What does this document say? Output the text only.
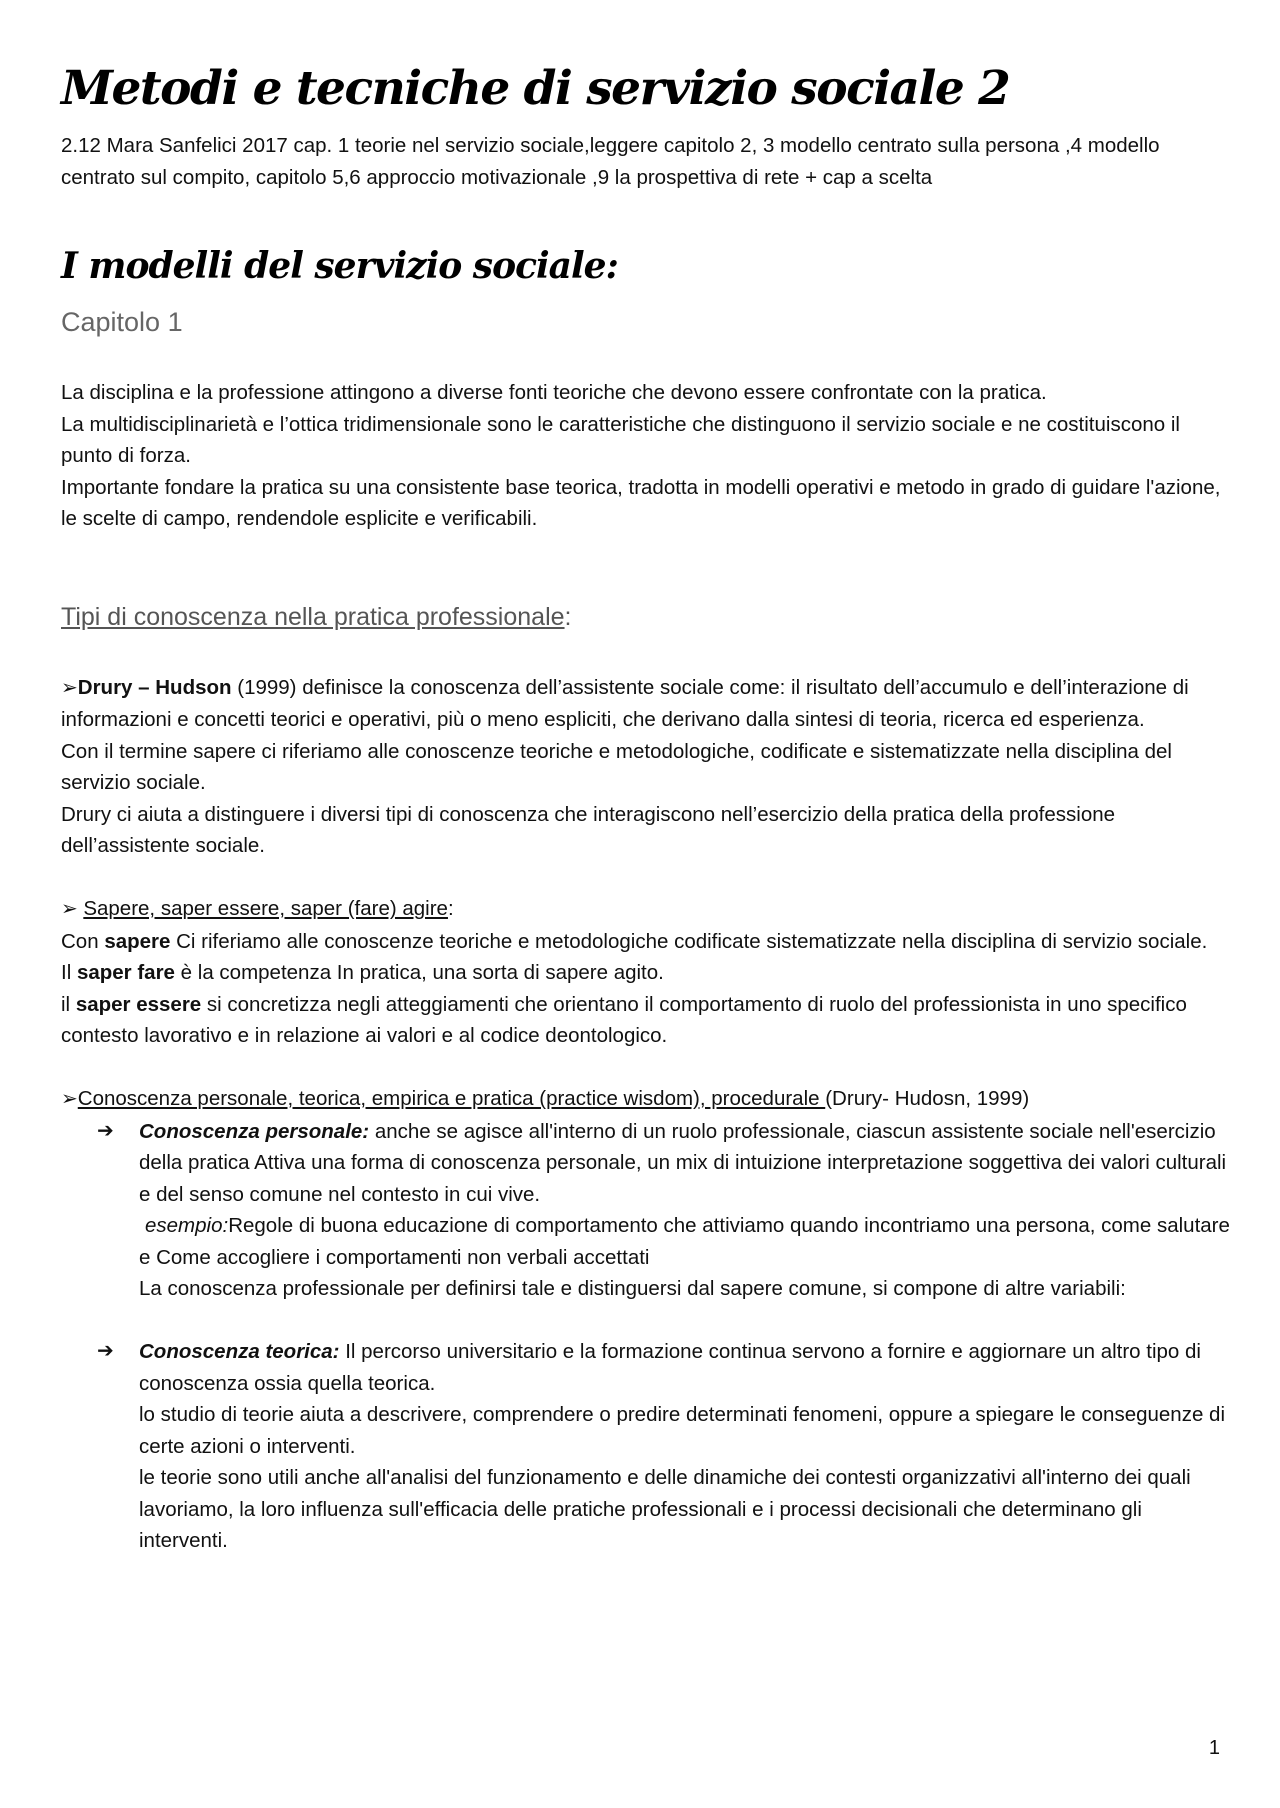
Metodi e tecniche di servizio sociale 2

2.12 Mara Sanfelici 2017 cap. 1 teorie nel servizio sociale,leggere capitolo 2, 3 modello centrato sulla persona ,4 modello centrato sul compito, capitolo 5,6 approccio motivazionale ,9 la prospettiva di rete + cap a scelta

I modelli del servizio sociale:
Capitolo 1

La disciplina e la professione attingono a diverse fonti teoriche che devono essere confrontate con la pratica.

La multidisciplinarietà e l’ottica tridimensionale sono le caratteristiche che distinguono il servizio sociale e ne costituiscono il punto di forza.

Importante fondare la pratica su una consistente base teorica, tradotta in modelli operativi e metodo in grado di guidare l'azione, le scelte di campo, rendendole esplicite e verificabili.

Tipi di conoscenza nella pratica professionale:

➢Drury – Hudson (1999) definisce la conoscenza dell’assistente sociale come: il risultato dell’accumulo e dell’interazione di informazioni e concetti teorici e operativi, più o meno espliciti, che derivano dalla sintesi di teoria, ricerca ed esperienza.

Con il termine sapere ci riferiamo alle conoscenze teoriche e metodologiche, codificate e sistematizzate nella disciplina del servizio sociale.

Drury ci aiuta a distinguere i diversi tipi di conoscenza che interagiscono nell’esercizio della pratica della professione dell’assistente sociale.

➢ Sapere, saper essere, saper (fare) agire:

Con sapere Ci riferiamo alle conoscenze teoriche e metodologiche codificate sistematizzate nella disciplina di servizio sociale.

Il saper fare è la competenza In pratica, una sorta di sapere agito.

il saper essere si concretizza negli atteggiamenti che orientano il comportamento di ruolo del professionista in uno specifico contesto lavorativo e in relazione ai valori e al codice deontologico.

➢Conoscenza personale, teorica, empirica e pratica (practice wisdom), procedurale (Drury- Hudosn, 1999)

➔ Conoscenza personale: anche se agisce all'interno di un ruolo professionale, ciascun assistente sociale nell'esercizio della pratica Attiva una forma di conoscenza personale, un mix di intuizione interpretazione soggettiva dei valori culturali e del senso comune nel contesto in cui vive.
esempio:Regole di buona educazione di comportamento che attiviamo quando incontriamo una persona, come salutare e Come accogliere i comportamenti non verbali accettati
La conoscenza professionale per definirsi tale e distinguersi dal sapere comune, si compone di altre variabili:
➔ Conoscenza teorica: Il percorso universitario e la formazione continua servono a fornire e aggiornare un altro tipo di conoscenza ossia quella teorica.
lo studio di teorie aiuta a descrivere, comprendere o predire determinati fenomeni, oppure a spiegare le conseguenze di certe azioni o interventi.
le teorie sono utili anche all'analisi del funzionamento e delle dinamiche dei contesti organizzativi all'interno dei quali lavoriamo, la loro influenza sull'efficacia delle pratiche professionali e i processi decisionali che determinano gli interventi.
1
